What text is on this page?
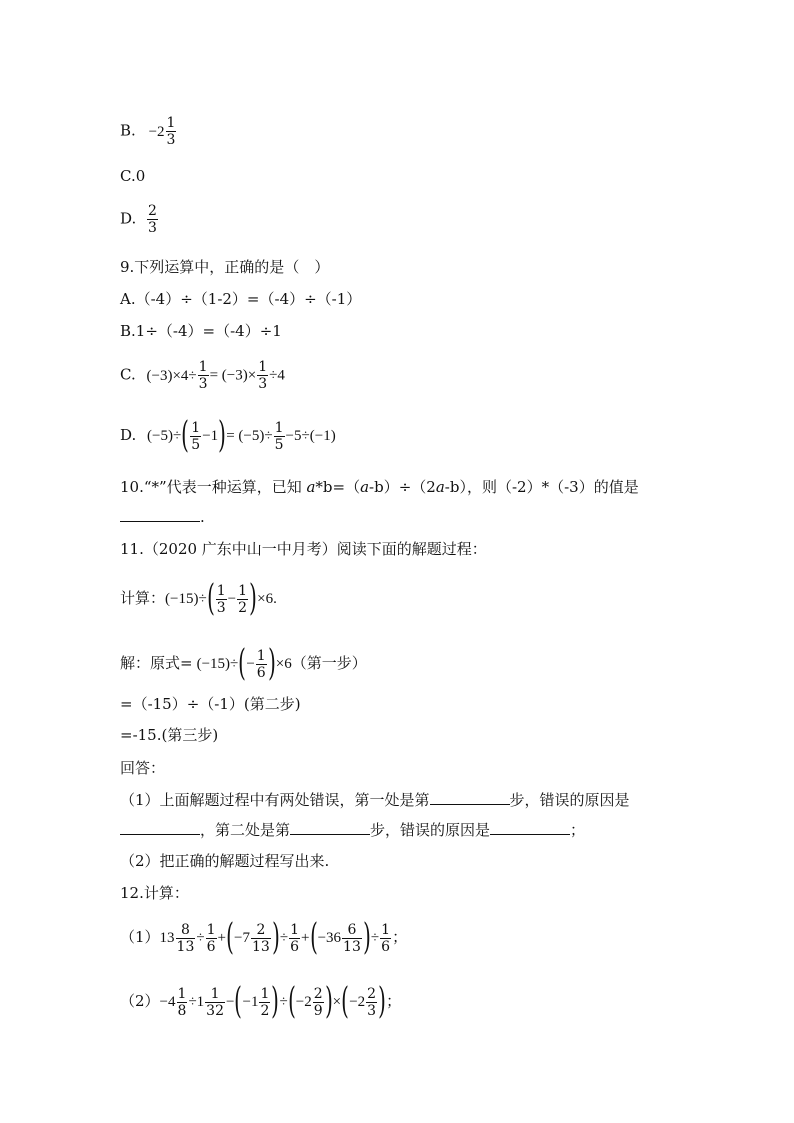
B. $-2 \frac{1}{3}$
C.0
D. $\frac{2}{3}$
9.下列运算中，正确的是（　）
A.（-4）÷（1-2）=（-4）÷（-1）
B.1÷（-4）=（-4）÷1
C. $(-3)\times 4\div \frac{1}{3} = (-3)\times \frac{1}{3} \div 4$
D. $(-5)\div( \frac{1}{5} -1)= (-5)\div \frac{1}{5} -5\div(-1)$
10.“*”代表一种运算，已知 a*b=（a-b）÷（2a-b），则（-2）*（-3）的值是
.
11.（2020 广东中山一中月考）阅读下面的解题过程：
计算：$(-15)\div( \frac{1}{3} - \frac{1}{2} )\times 6$.
解：原式= $(-15)\div(- \frac{1}{6} )\times 6$（第一步）
=（-15）÷（-1）(第二步)
=-15.(第三步)
回答：
（1）上面解题过程中有两处错误，第一处是第	步，错误的原因是
，第二处是第	步，错误的原因是	；
（2）把正确的解题过程写出来.
12.计算：
$(1)13 \frac{8}{13} \div \frac{1}{6} +(-7 \frac{2}{13}$ )÷ $\frac{1}{6} +(-36 \frac{6}{13}$ )÷ $\frac{1}{6}$ ；
$(2)-4 \frac{1}{8} \div 1 \frac{1}{32} -(-1 \frac{1}{2} )\div(-2 \frac{2}{9} )\times(-2 \frac{2}{3}$ )；
